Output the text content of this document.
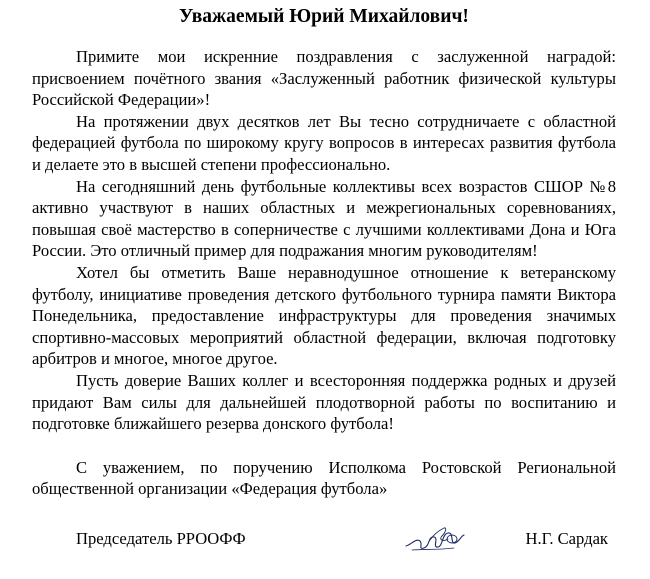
Уважаемый Юрий Михайлович!

Примите мои искренние поздравления с заслуженной наградой: присвоением почётного звания «Заслуженный работник физической культуры Российской Федерации»!

На протяжении двух десятков лет Вы тесно сотрудничаете с областной федерацией футбола по широкому кругу вопросов в интересах развития футбола и делаете это в высшей степени профессионально.

На сегодняшний день футбольные коллективы всех возрастов СШОР №8 активно участвуют в наших областных и межрегиональных соревнованиях, повышая своё мастерство в соперничестве с лучшими коллективами Дона и Юга России. Это отличный пример для подражания многим руководителям!

Хотел бы отметить Ваше неравнодушное отношение к ветеранскому футболу, инициативе проведения детского футбольного турнира памяти Виктора Понедельника, предоставление инфраструктуры для проведения значимых спортивно-массовых мероприятий областной федерации, включая подготовку арбитров и многое, многое другое.

Пусть доверие Ваших коллег и всесторонняя поддержка родных и друзей придают Вам силы для дальнейшей плодотворной работы по воспитанию и подготовке ближайшего резерва донского футбола!

С уважением, по поручению Исполкома Ростовской Региональной общественной организации «Федерация футбола»

Председатель РРООФФ	Н.Г. Сардак
